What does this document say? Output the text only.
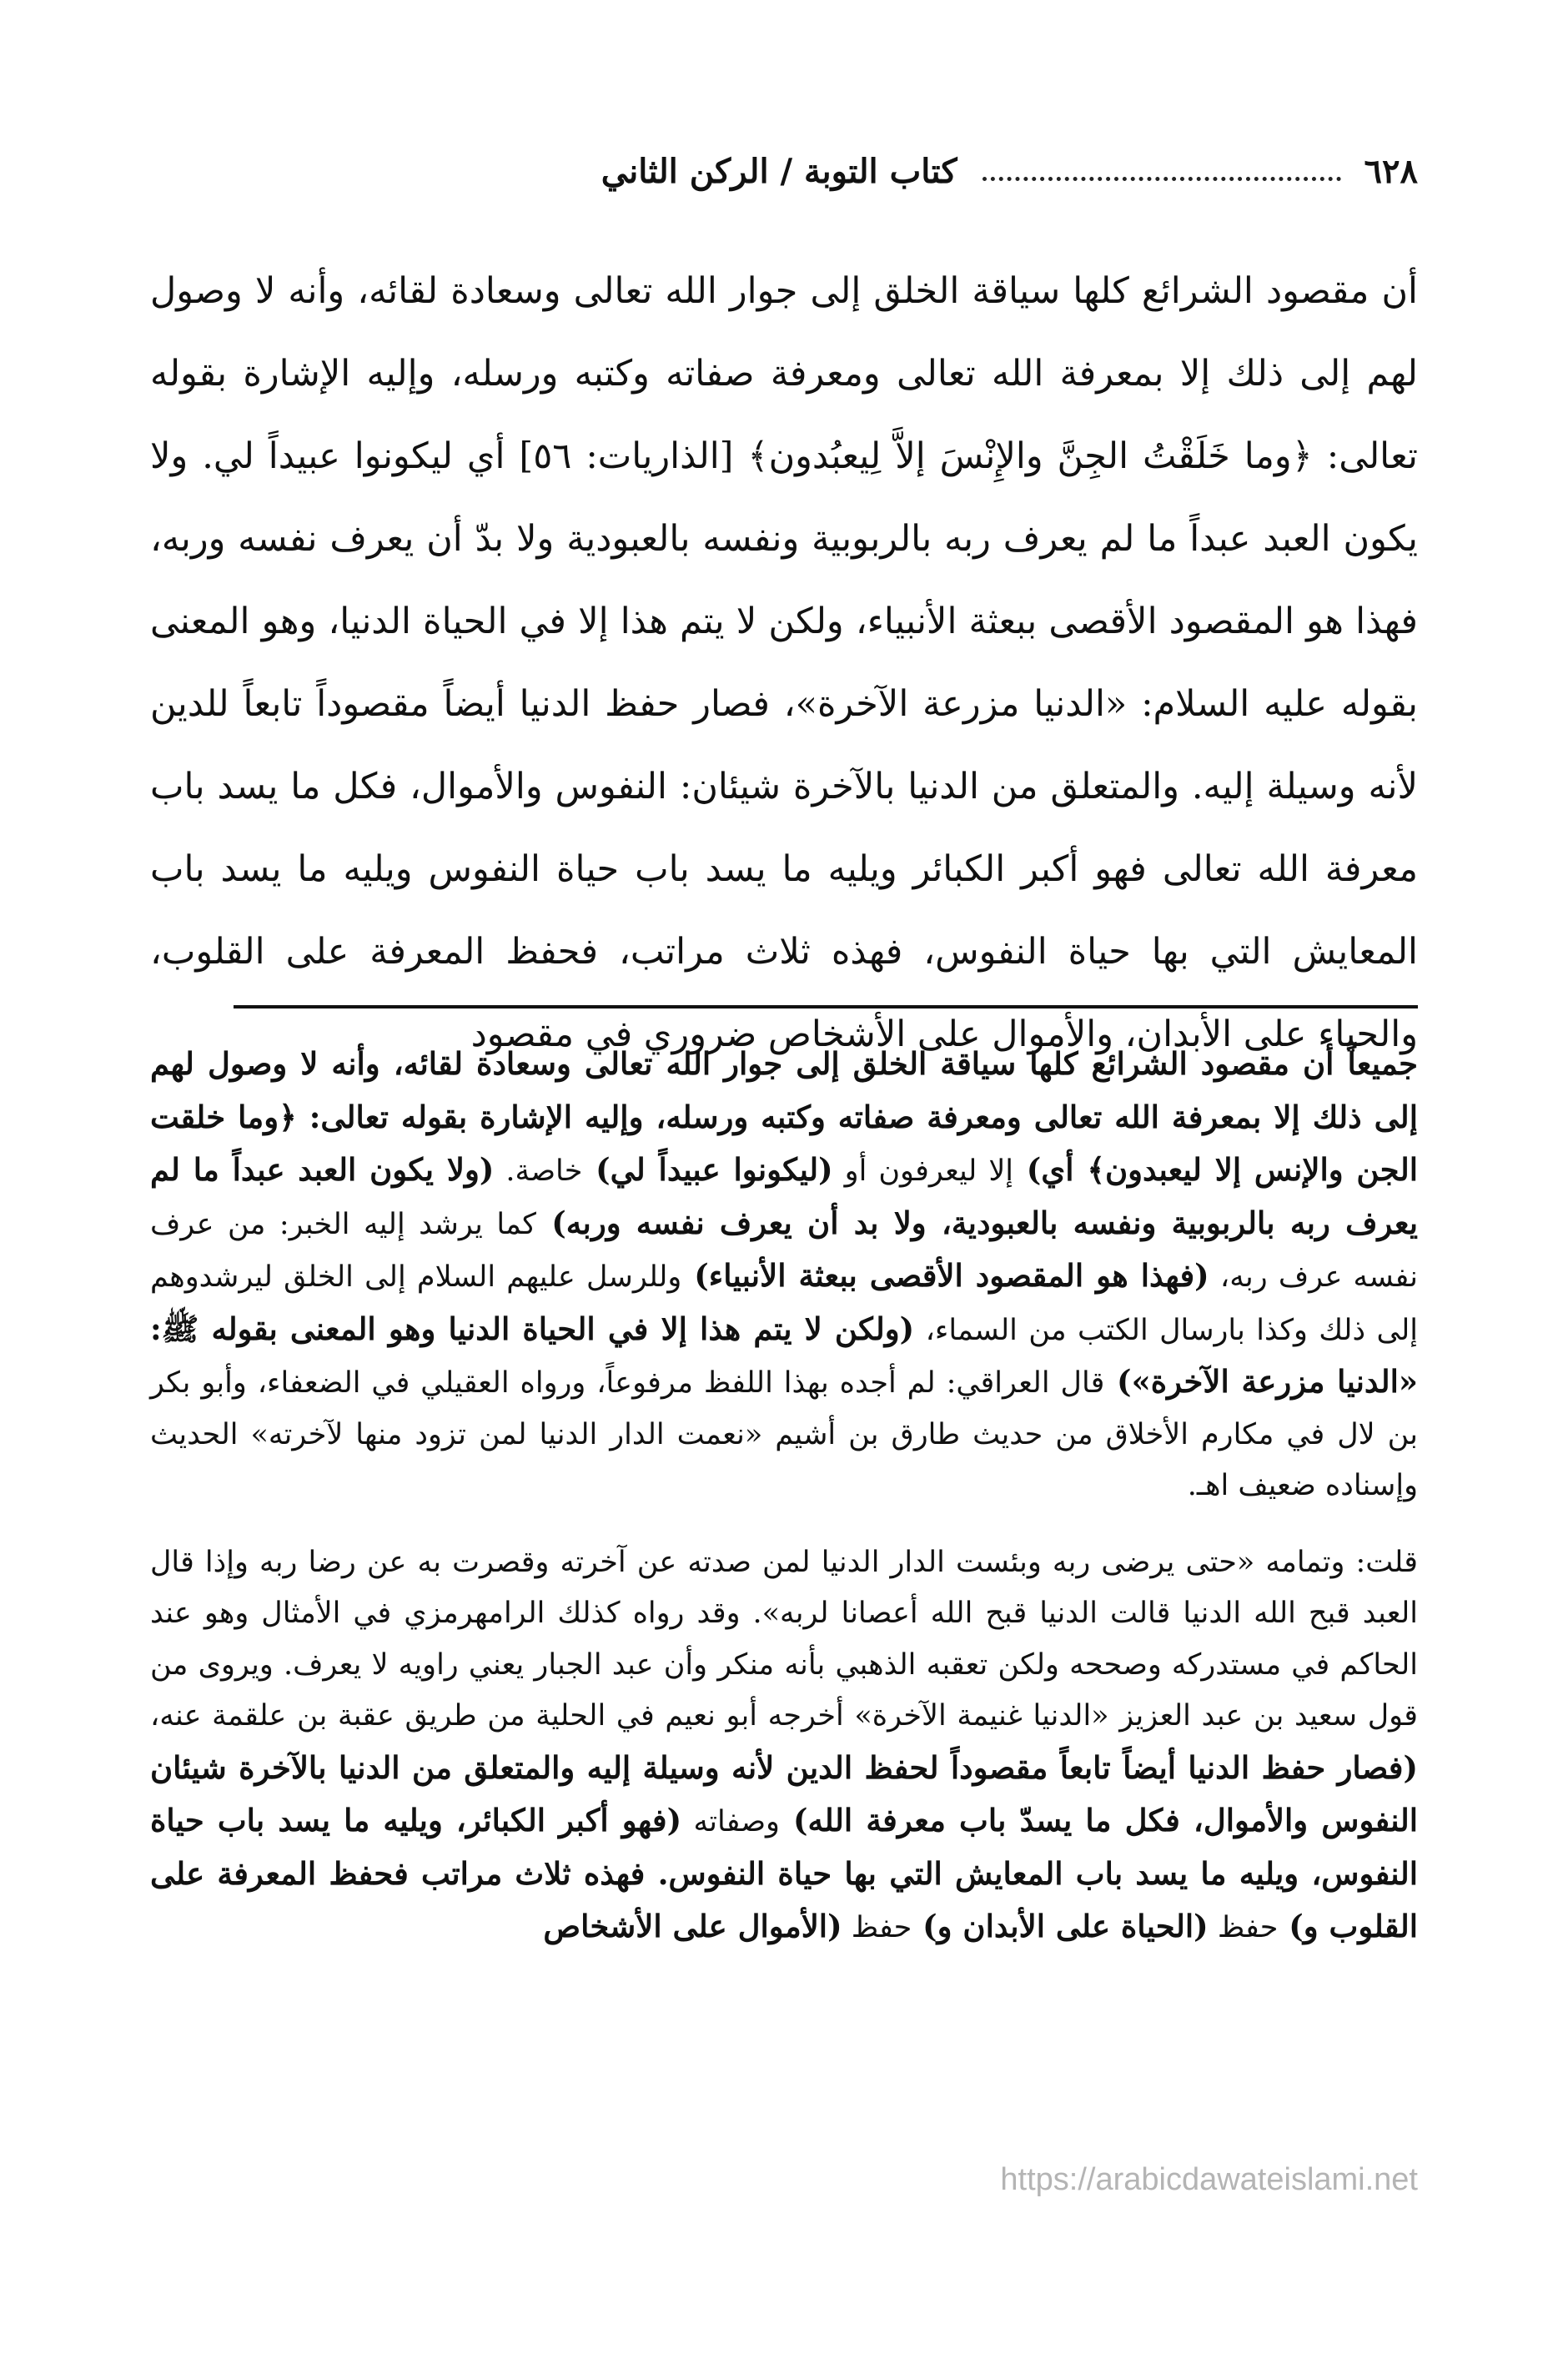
٦٢٨
كتاب التوبة / الركن الثاني

أن مقصود الشرائع كلها سياقة الخلق إلى جوار الله تعالى وسعادة لقائه، وأنه لا وصول لهم إلى ذلك إلا بمعرفة الله تعالى ومعرفة صفاته وكتبه ورسله، وإليه الإشارة بقوله تعالى: ﴿وما خَلَقْتُ الجِنَّ والإِنْسَ إلاَّ لِيعبُدون﴾ [الذاريات: ٥٦] أي ليكونوا عبيداً لي. ولا يكون العبد عبداً ما لم يعرف ربه بالربوبية ونفسه بالعبودية ولا بدّ أن يعرف نفسه وربه، فهذا هو المقصود الأقصى ببعثة الأنبياء، ولكن لا يتم هذا إلا في الحياة الدنيا، وهو المعنى بقوله عليه السلام: «الدنيا مزرعة الآخرة»، فصار حفظ الدنيا أيضاً مقصوداً تابعاً للدين لأنه وسيلة إليه. والمتعلق من الدنيا بالآخرة شيئان: النفوس والأموال، فكل ما يسد باب معرفة الله تعالى فهو أكبر الكبائر ويليه ما يسد باب حياة النفوس ويليه ما يسد باب المعايش التي بها حياة النفوس، فهذه ثلاث مراتب، فحفظ المعرفة على القلوب، والحياء على الأبدان، والأموال على الأشخاص ضروري في مقصود

جميعاً أن مقصود الشرائع كلها سياقة الخلق إلى جوار الله تعالى وسعادة لقائه، وأنه لا وصول لهم إلى ذلك إلا بمعرفة الله تعالى ومعرفة صفاته وكتبه ورسله، وإليه الإشارة بقوله تعالى: ﴿وما خلقت الجن والإنس إلا ليعبدون﴾ أي) إلا ليعرفون أو (ليكونوا عبيداً لي) خاصة. (ولا يكون العبد عبداً ما لم يعرف ربه بالربوبية ونفسه بالعبودية، ولا بد أن يعرف نفسه وربه) كما يرشد إليه الخبر: من عرف نفسه عرف ربه، (فهذا هو المقصود الأقصى ببعثة الأنبياء) وللرسل عليهم السلام إلى الخلق ليرشدوهم إلى ذلك وكذا بارسال الكتب من السماء، (ولكن لا يتم هذا إلا في الحياة الدنيا وهو المعنى بقوله ﷺ: «الدنيا مزرعة الآخرة») قال العراقي: لم أجده بهذا اللفظ مرفوعاً، ورواه العقيلي في الضعفاء، وأبو بكر بن لال في مكارم الأخلاق من حديث طارق بن أشيم «نعمت الدار الدنيا لمن تزود منها لآخرته» الحديث وإسناده ضعيف اهـ.

قلت: وتمامه «حتى يرضى ربه وبئست الدار الدنيا لمن صدته عن آخرته وقصرت به عن رضا ربه وإذا قال العبد قبح الله الدنيا قالت الدنيا قبح الله أعصانا لربه». وقد رواه كذلك الرامهرمزي في الأمثال وهو عند الحاكم في مستدركه وصححه ولكن تعقبه الذهبي بأنه منكر وأن عبد الجبار يعني راويه لا يعرف. ويروى من قول سعيد بن عبد العزيز «الدنيا غنيمة الآخرة» أخرجه أبو نعيم في الحلية من طريق عقبة بن علقمة عنه، (فصار حفظ الدنيا أيضاً تابعاً مقصوداً لحفظ الدين لأنه وسيلة إليه والمتعلق من الدنيا بالآخرة شيئان النفوس والأموال، فكل ما يسدّ باب معرفة الله) وصفاته (فهو أكبر الكبائر، ويليه ما يسد باب حياة النفوس، ويليه ما يسد باب المعايش التي بها حياة النفوس. فهذه ثلاث مراتب فحفظ المعرفة على القلوب و) حفظ (الحياة على الأبدان و) حفظ (الأموال على الأشخاص

https://arabicdawateislami.net
